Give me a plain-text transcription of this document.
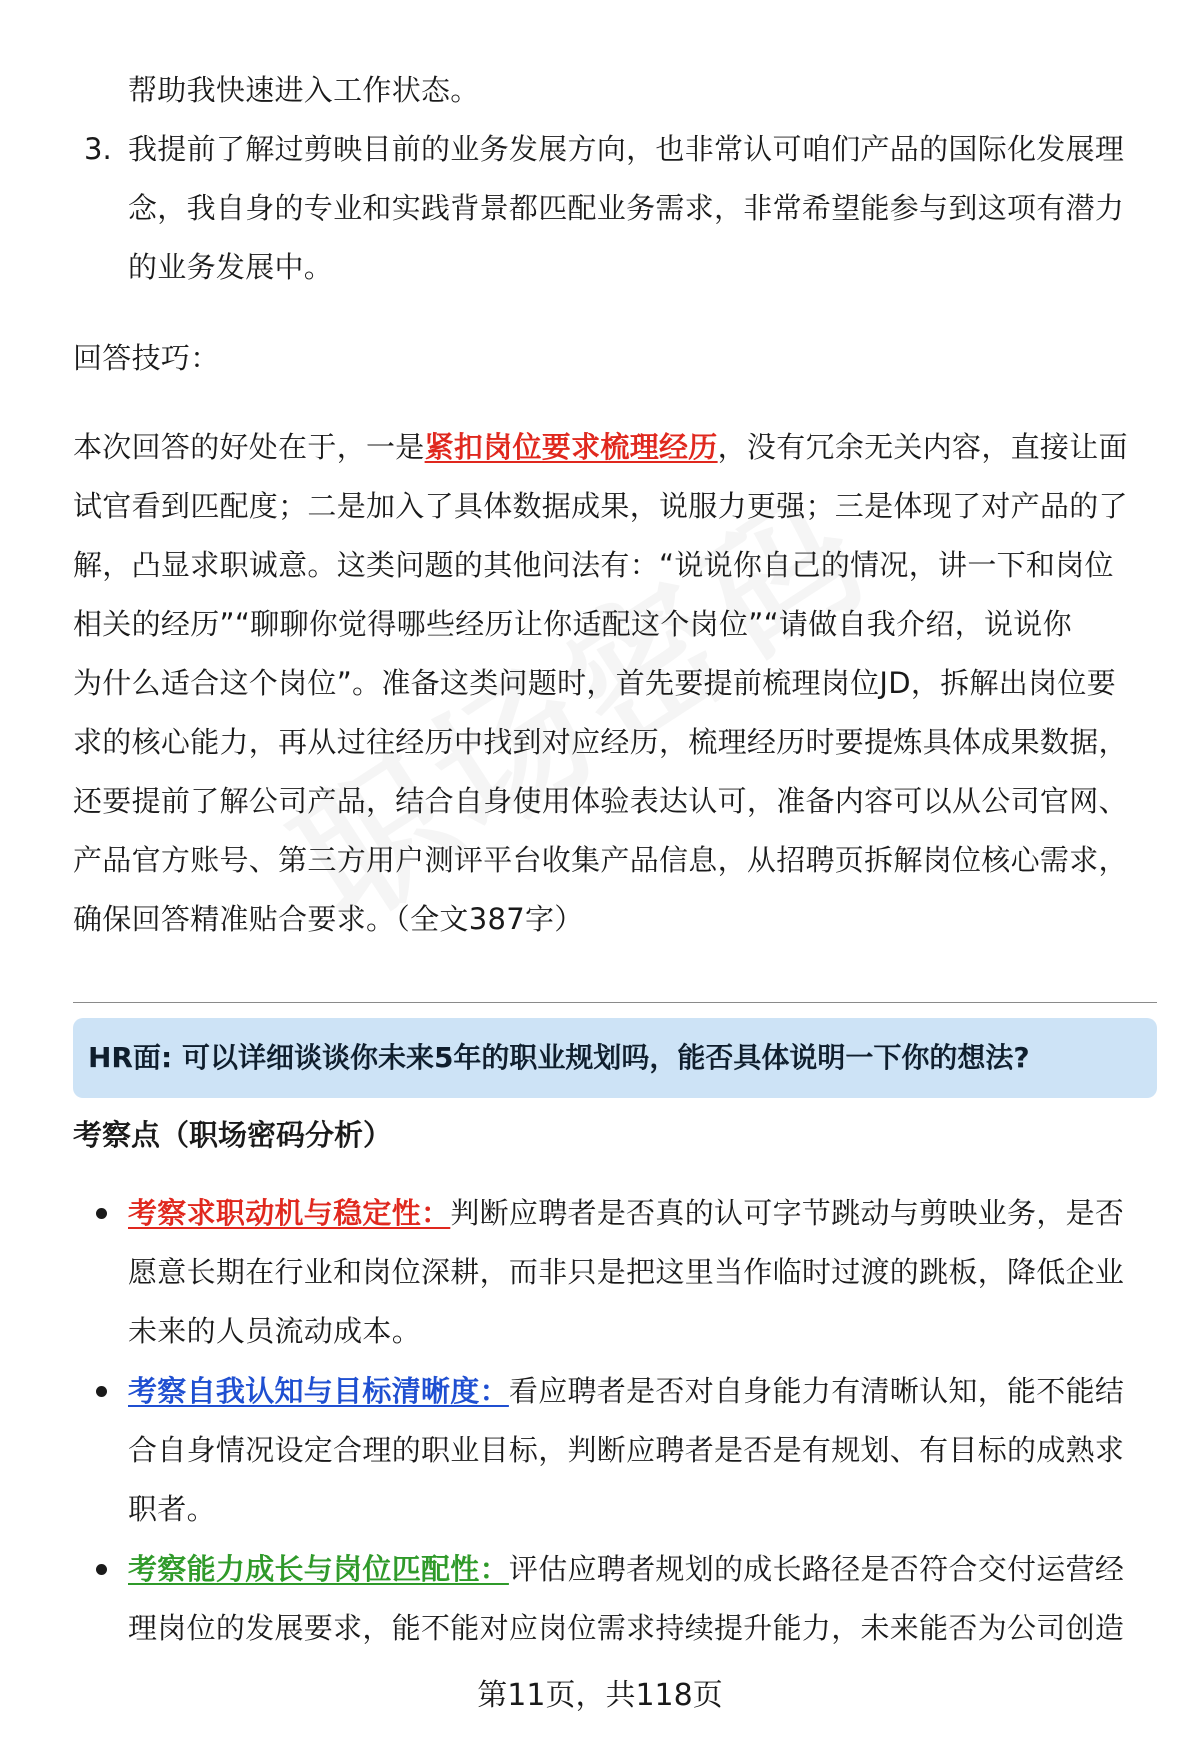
帮助我快速进入工作状态。
3. 我提前了解过剪映目前的业务发展方向，也非常认可咱们产品的国际化发展理
念，我自身的专业和实践背景都匹配业务需求，非常希望能参与到这项有潜力
的业务发展中。
回答技巧：
本次回答的好处在于，一是紧扣岗位要求梳理经历，没有冗余无关内容，直接让面
试官看到匹配度；二是加入了具体数据成果，说服力更强；三是体现了对产品的了
解，凸显求职诚意。这类问题的其他问法有：“说说你自己的情况，讲一下和岗位
相关的经历”“聊聊你觉得哪些经历让你适配这个岗位”“请做自我介绍，说说你
为什么适合这个岗位”。准备这类问题时，首先要提前梳理岗位JD，拆解出岗位要
求的核心能力，再从过往经历中找到对应经历，梳理经历时要提炼具体成果数据，
还要提前了解公司产品，结合自身使用体验表达认可，准备内容可以从公司官网、
产品官方账号、第三方用户测评平台收集产品信息，从招聘页拆解岗位核心需求，
确保回答精准贴合要求。（全文387字）
HR面: 可以详细谈谈你未来5年的职业规划吗，能否具体说明一下你的想法?
考察点（职场密码分析）
考察求职动机与稳定性：判断应聘者是否真的认可字节跳动与剪映业务，是否
愿意长期在行业和岗位深耕，而非只是把这里当作临时过渡的跳板，降低企业
未来的人员流动成本。
考察自我认知与目标清晰度：看应聘者是否对自身能力有清晰认知，能不能结
合自身情况设定合理的职业目标，判断应聘者是否是有规划、有目标的成熟求
职者。
考察能力成长与岗位匹配性：评估应聘者规划的成长路径是否符合交付运营经
理岗位的发展要求，能不能对应岗位需求持续提升能力，未来能否为公司创造
第11页，共118页
